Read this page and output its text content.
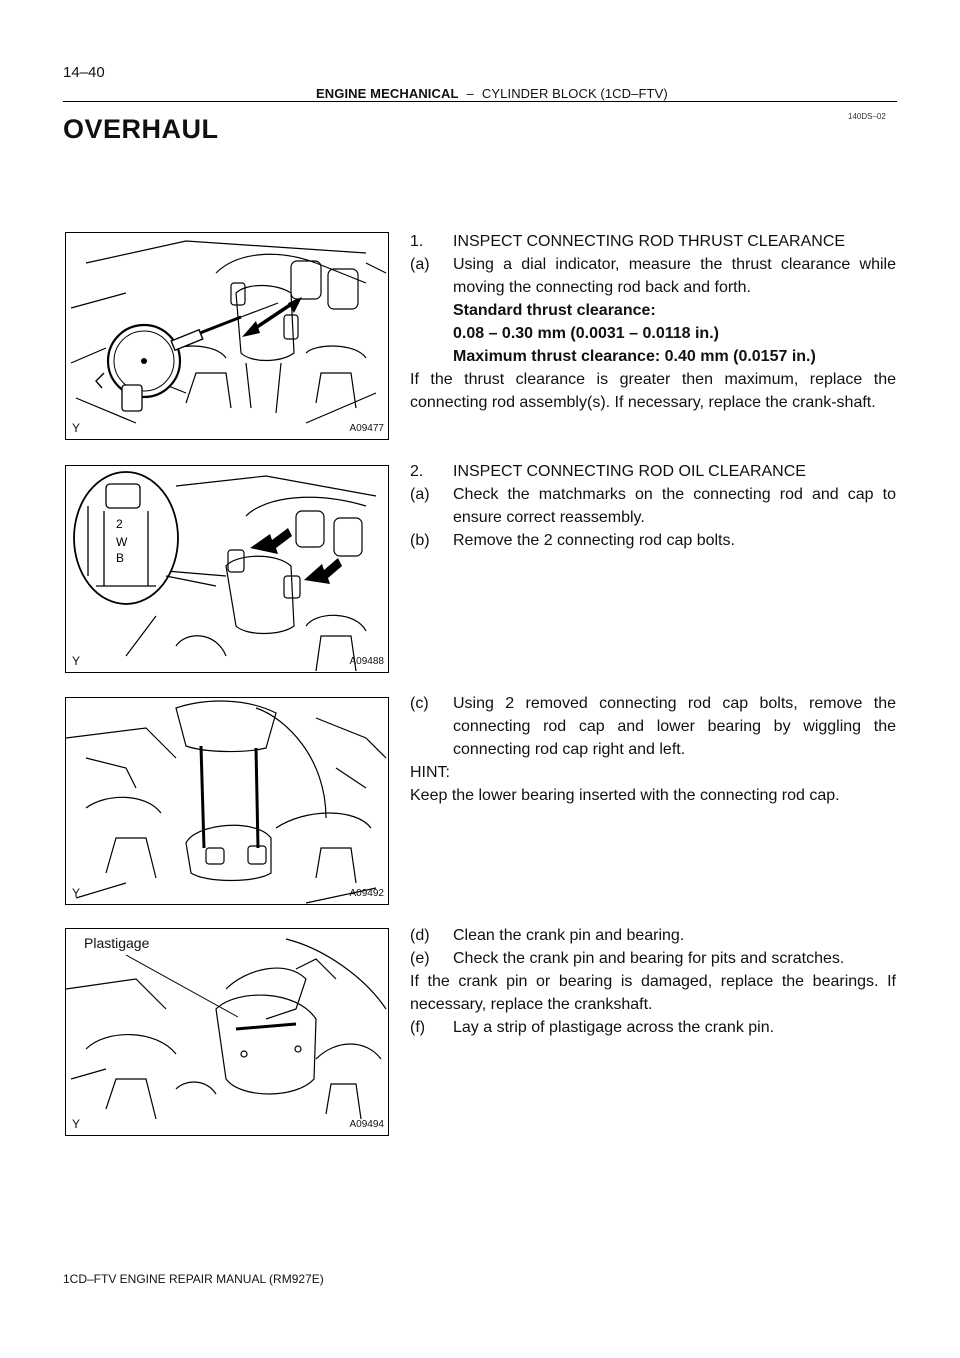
14–40
ENGINE MECHANICAL – CYLINDER BLOCK (1CD–FTV)
140DS–02
OVERHAUL
Y	A09477
2
W
B
Y	A09488
Y	A09492
Plastigage
Y	A09494
1.	INSPECT CONNECTING ROD THRUST CLEARANCE
(a)	Using a dial indicator, measure the thrust clearance while moving the connecting rod back and forth.
Standard thrust clearance:
0.08 – 0.30 mm (0.0031 – 0.0118 in.)
Maximum thrust clearance: 0.40 mm (0.0157 in.)
If the thrust clearance is greater then maximum, replace the connecting rod assembly(s). If necessary, replace the crank-shaft.
2.	INSPECT CONNECTING ROD OIL CLEARANCE
(a)	Check the matchmarks on the connecting rod and cap to ensure correct reassembly.
(b)	Remove the 2 connecting rod cap bolts.
(c)	Using 2 removed connecting rod cap bolts, remove the connecting rod cap and lower bearing by wiggling the connecting rod cap right and left.
HINT:
Keep the lower bearing inserted with the connecting rod cap.
(d)	Clean the crank pin and bearing.
(e)	Check the crank pin and bearing for pits and scratches.
If the crank pin or bearing is damaged, replace the bearings. If necessary, replace the crankshaft.
(f)	Lay a strip of plastigage across the crank pin.
1CD–FTV ENGINE REPAIR MANUAL (RM927E)
